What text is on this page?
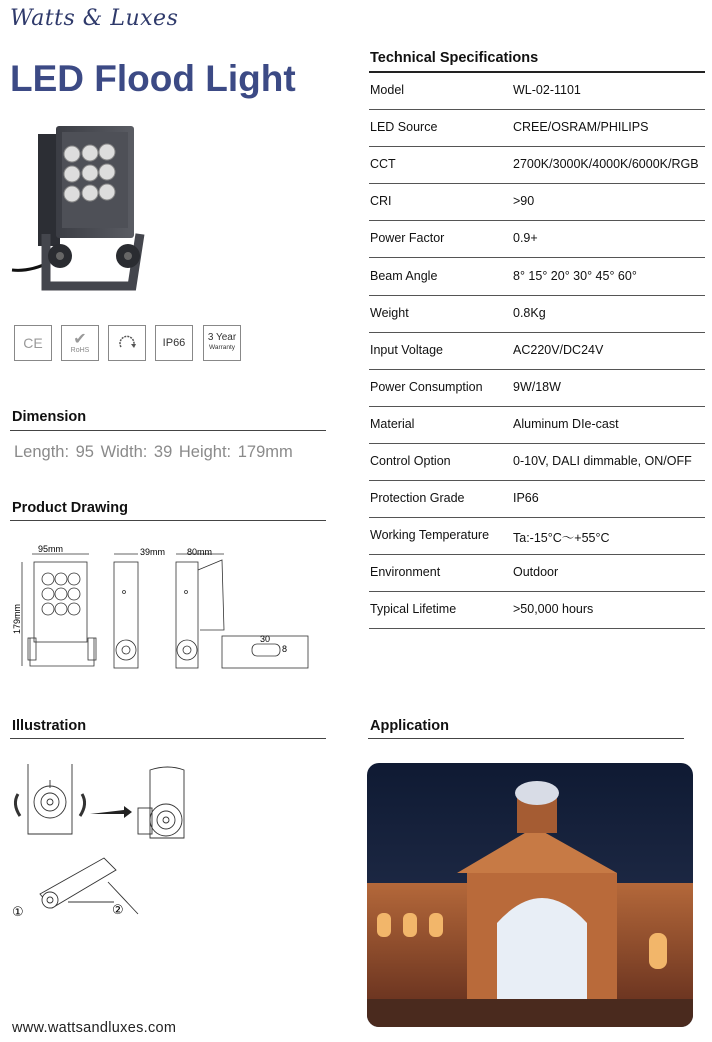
Watts & Luxes
LED Flood Light
CE ✔
RoHS
IP66 3 Year
Warranty
Dimension
Length: 95 Width: 39 Height: 179mm
Product Drawing
95mm	39mm 80mm
179mm
30
8
Illustration
①	②
Application
Technical Specifications
Model	WL-02-1101
LED Source	CREE/OSRAM/PHILIPS
CCT	2700K/3000K/4000K/6000K/RGB
CRI	>90
Power Factor	0.9+
Beam Angle	8° 15° 20° 30° 45° 60°
Weight	0.8Kg
Input Voltage	AC220V/DC24V
Power Consumption 9W/18W
Material	Aluminum DIe-cast
Control Option	0-10V, DALI dimmable, ON/OFF
Protection Grade	IP66
Working Temperature Ta:-15°C～+55°C
Environment	Outdoor
Typical Lifetime	>50,000 hours
www.wattsandluxes.com
